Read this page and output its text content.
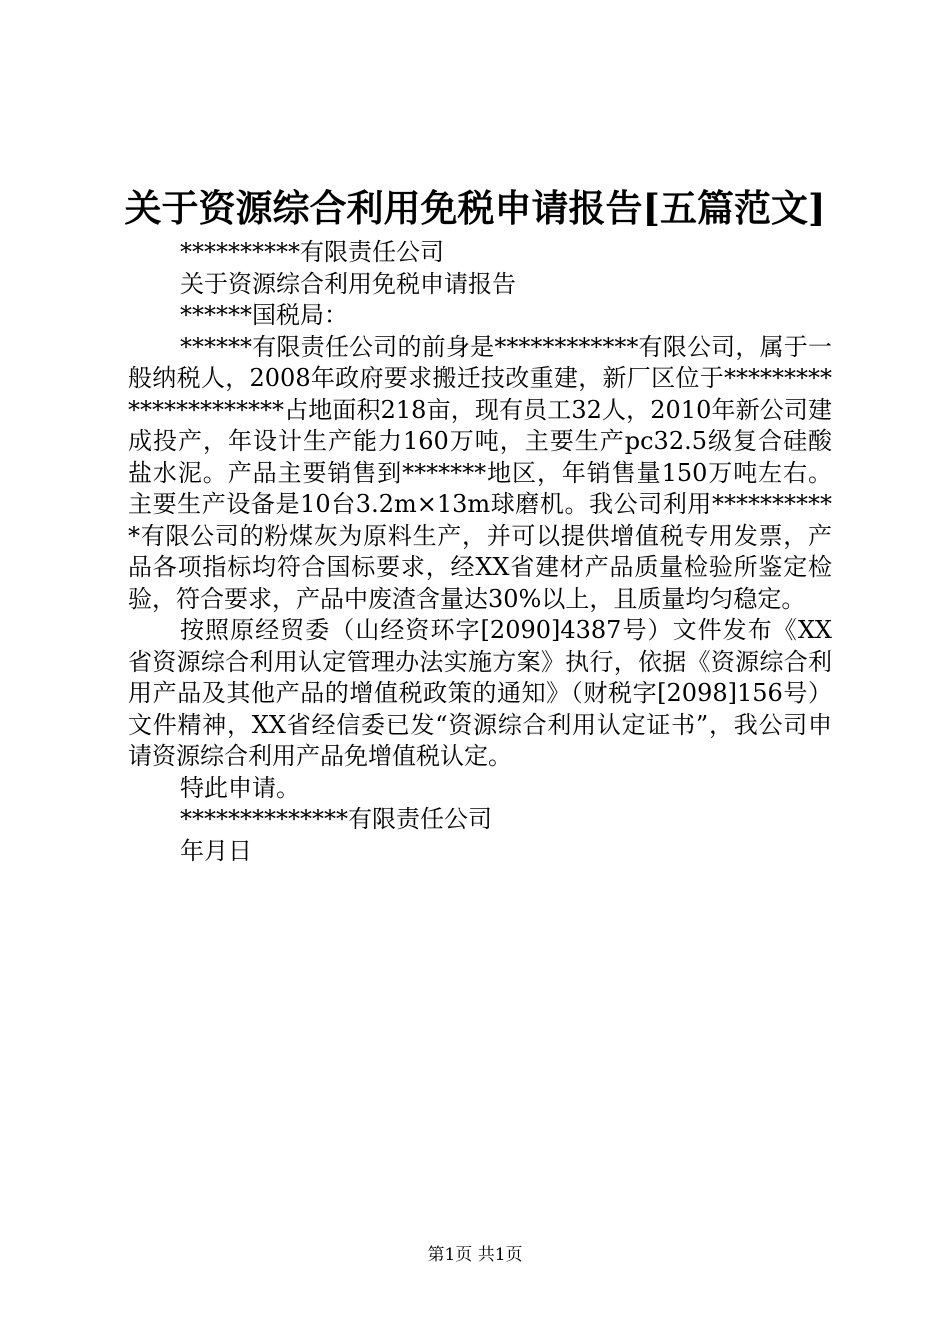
关于资源综合利用免税申请报告[五篇范文]

**********有限责任公司

关于资源综合利用免税申请报告

******国税局：

******有限责任公司的前身是************有限公司，属于一般纳税人，2008年政府要求搬迁技改重建，新厂区位于**********************占地面积218亩，现有员工32人，2010年新公司建成投产，年设计生产能力160万吨，主要生产pc32.5级复合硅酸盐水泥。产品主要销售到*******地区，年销售量150万吨左右。主要生产设备是10台3.2m×13m球磨机。我公司利用***********有限公司的粉煤灰为原料生产，并可以提供增值税专用发票，产品各项指标均符合国标要求，经XX省建材产品质量检验所鉴定检验，符合要求，产品中废渣含量达30%以上，且质量均匀稳定。

按照原经贸委（山经资环字[2090]4387号）文件发布《XX省资源综合利用认定管理办法实施方案》执行，依据《资源综合利用产品及其他产品的增值税政策的通知》（财税字[2098]156号）文件精神，XX省经信委已发“资源综合利用认定证书”，我公司申请资源综合利用产品免增值税认定。

特此申请。

**************有限责任公司

年月日

第1页 共1页
